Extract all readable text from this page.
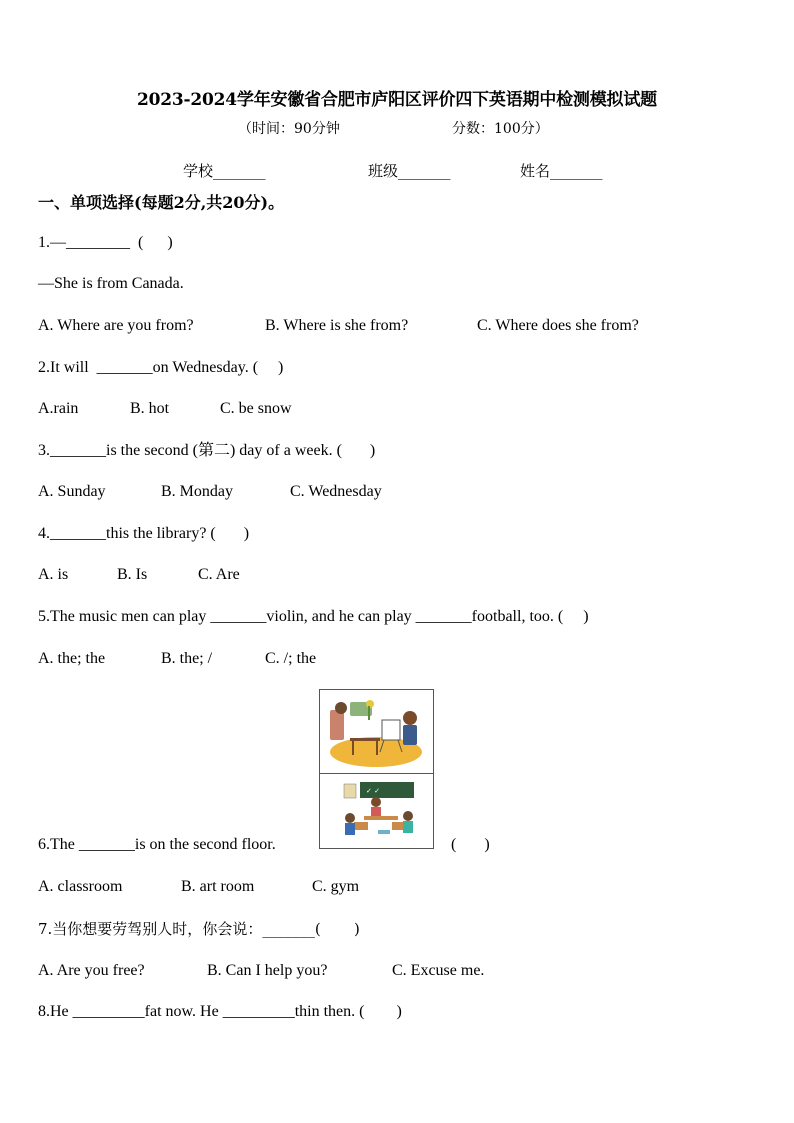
2023-2024学年安徽省合肥市庐阳区评价四下英语期中检测模拟试题
（时间：90分钟	分数：100分）
学校_______	班级_______	姓名_______
一、单项选择(每题2分,共20分)。
1.—________  (      )
—She is from Canada.
A. Where are you from?	B. Where is she from?	C. Where does she from?
2.It will  _______on Wednesday. (     )
A.rain	B. hot	C. be snow
3._______is the second (第二) day of a week. (       )
A. Sunday	B. Monday	C. Wednesday
4._______this the library? (       )
A. is	B. Is	C. Are
5.The music men can play _______violin, and he can play _______football, too. (     )
A. the; the	B. the; /	C. /; the
✓ ✓
6.The _______is on the second floor.	(       )
A. classroom	B. art room	C. gym
7.当你想要劳驾别人时，你会说：_______(       )
A. Are you free?	B. Can I help you?	C. Excuse me.
8.He _________fat now. He _________thin then. (        )
